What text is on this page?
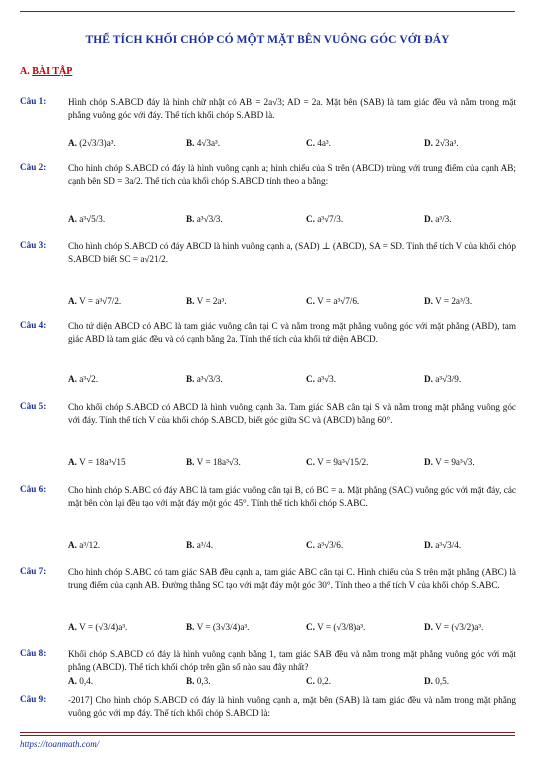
THỂ TÍCH KHỐI CHÓP CÓ MỘT MẶT BÊN VUÔNG GÓC VỚI ĐÁY
A. BÀI TẬP
Câu 1:	Hình chóp S.ABCD đáy là hình chữ nhật có AB = 2a√3; AD = 2a. Mặt bên (SAB) là tam giác đều và nằm trong mặt phẳng vuông góc với đáy. Thể tích khối chóp S.ABD là.
A. (2√3/3)a³.	B. 4√3a³.	C. 4a³.	D. 2√3a³.
Câu 2:	Cho hình chóp S.ABCD có đáy là hình vuông cạnh a; hình chiếu của S trên (ABCD) trùng với trung điểm của cạnh AB; cạnh bên SD = 3a/2. Thể tích của khối chóp S.ABCD tính theo a bằng:
A. a³√5/3.	B. a³√3/3.	C. a³√7/3.	D. a³/3.
Câu 3:	Cho hình chóp S.ABCD có đáy ABCD là hình vuông cạnh a, (SAD) ⊥ (ABCD), SA = SD. Tính thể tích V của khối chóp S.ABCD biết SC = a√21/2.
A. V = a³√7/2.	B. V = 2a³.	C. V = a³√7/6.	D. V = 2a³/3.
Câu 4:	Cho tứ diện ABCD có ABC là tam giác vuông cân tại C và nằm trong mặt phẳng vuông góc với mặt phẳng (ABD), tam giác ABD là tam giác đều và có cạnh bằng 2a. Tính thể tích của khối tứ diện ABCD.
A. a³√2.	B. a³√3/3.	C. a³√3.	D. a³√3/9.
Câu 5:	Cho khối chóp S.ABCD có ABCD là hình vuông cạnh 3a. Tam giác SAB cân tại S và nằm trong mặt phẳng vuông góc với đáy. Tính thể tích V của khối chóp S.ABCD, biết góc giữa SC và (ABCD) bằng 60°.
A. V = 18a³√15	B. V = 18a³√3.	C. V = 9a³√15/2.	D. V = 9a³√3.
Câu 6:	Cho hình chóp S.ABC có đáy ABC là tam giác vuông cân tại B, có BC = a. Mặt phẳng (SAC) vuông góc với mặt đáy, các mặt bên còn lại đều tạo với mặt đáy một góc 45°. Tính thể tích khối chóp S.ABC.
A. a³/12.	B. a³/4.	C. a³√3/6.	D. a³√3/4.
Câu 7:	Cho hình chóp S.ABC có tam giác SAB đều cạnh a, tam giác ABC cân tại C. Hình chiếu của S trên mặt phẳng (ABC) là trung điểm của cạnh AB. Đường thẳng SC tạo với mặt đáy một góc 30°. Tính theo a thể tích V của khối chóp S.ABC.
A. V = (√3/4)a³.	B. V = (3√3/4)a³.	C. V = (√3/8)a³.	D. V = (√3/2)a³.
Câu 8:	Khối chóp S.ABCD có đáy là hình vuông cạnh bằng 1, tam giác SAB đều và nằm trong mặt phẳng vuông góc với mặt phẳng (ABCD). Thể tích khối chóp trên gần số nào sau đây nhất?
A. 0,4.	B. 0,3.	C. 0,2.	D. 0,5.
Câu 9:	-2017] Cho hình chóp S.ABCD có đáy là hình vuông cạnh a, mặt bên (SAB) là tam giác đều và nằm trong mặt phẳng vuông góc với mp đáy. Thể tích khối chóp S.ABCD là:
https://toanmath.com/
